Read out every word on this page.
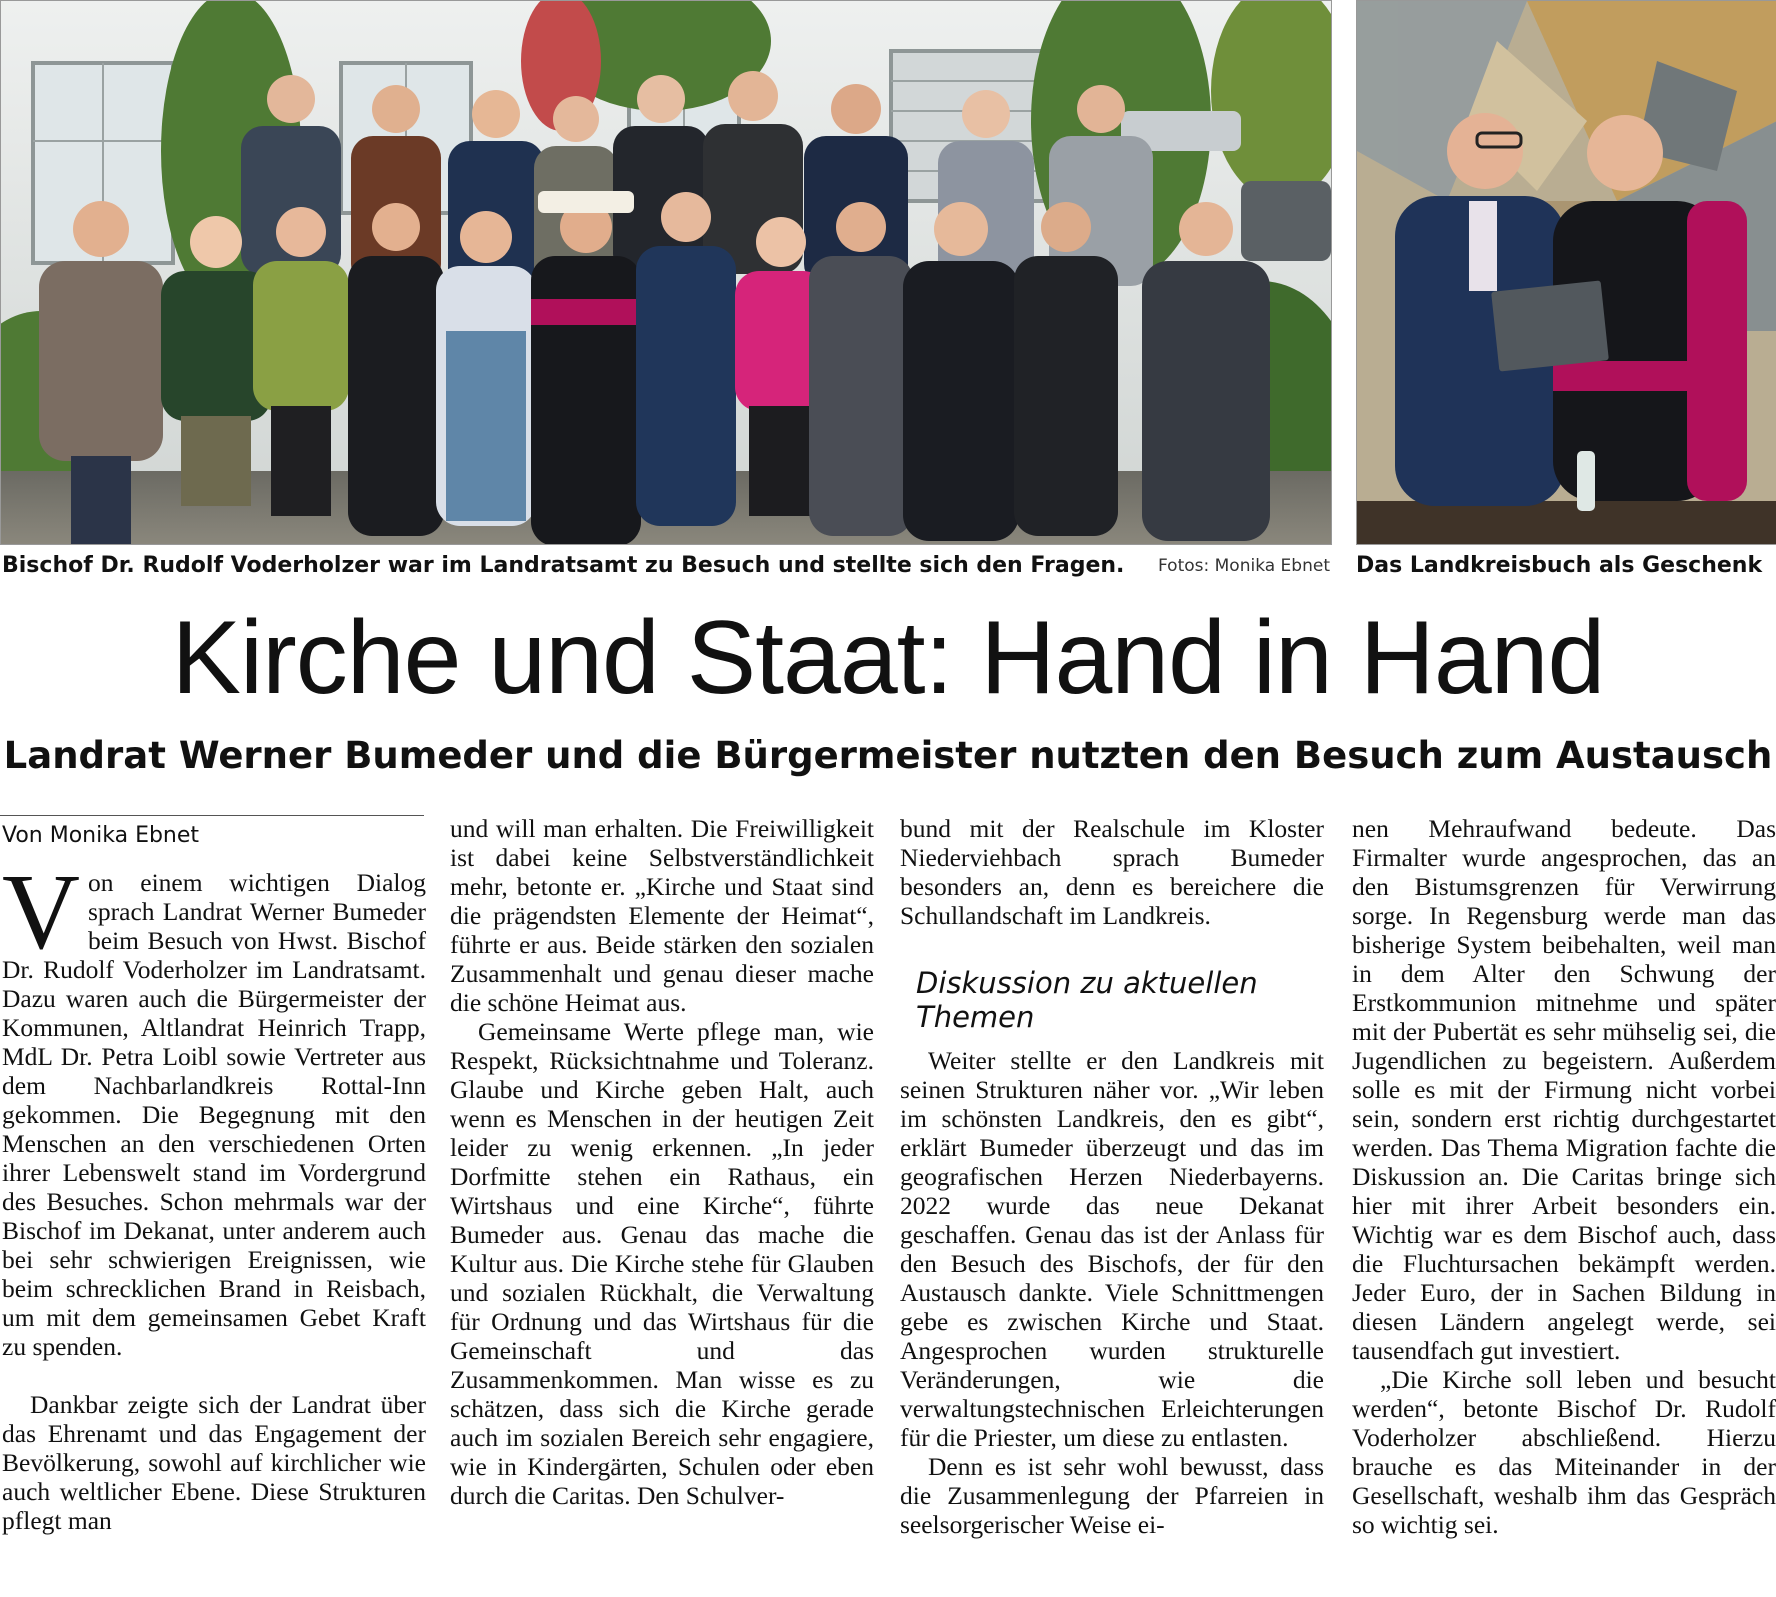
Bischof Dr. Rudolf Voderholzer war im Landratsamt zu Besuch und stellte sich den Fragen. Fotos: Monika Ebnet Das Landkreisbuch als Geschenk
Kirche und Staat: Hand in Hand
Landrat Werner Bumeder und die Bürgermeister nutzten den Besuch zum Austausch
Von Monika Ebnet

Von einem wichtigen Dialog sprach Landrat Werner Bumeder beim Besuch von Hwst. Bischof Dr. Rudolf Voderholzer im Landratsamt. Dazu waren auch die Bürgermeister der Kommunen, Altlandrat Heinrich Trapp, MdL Dr. Petra Loibl sowie Vertreter aus dem Nachbarlandkreis Rottal-Inn gekommen. Die Begegnung mit den Menschen an den verschiedenen Orten ihrer Lebenswelt stand im Vordergrund des Besuches. Schon mehrmals war der Bischof im Dekanat, unter anderem auch bei sehr schwierigen Ereignissen, wie beim schrecklichen Brand in Reisbach, um mit dem gemeinsamen Gebet Kraft zu spenden.

Dankbar zeigte sich der Landrat über das Ehrenamt und das Engagement der Bevölkerung, sowohl auf kirchlicher wie auch weltlicher Ebene. Diese Strukturen pflegt man

und will man erhalten. Die Freiwilligkeit ist dabei keine Selbstverständlichkeit mehr, betonte er. „Kirche und Staat sind die prägendsten Elemente der Heimat“, führte er aus. Beide stärken den sozialen Zusammenhalt und genau dieser mache die schöne Heimat aus.

Gemeinsame Werte pflege man, wie Respekt, Rücksichtnahme und Toleranz. Glaube und Kirche geben Halt, auch wenn es Menschen in der heutigen Zeit leider zu wenig erkennen. „In jeder Dorfmitte stehen ein Rathaus, ein Wirtshaus und eine Kirche“, führte Bumeder aus. Genau das mache die Kultur aus. Die Kirche stehe für Glauben und sozialen Rückhalt, die Verwaltung für Ordnung und das Wirtshaus für die Gemeinschaft und das Zusammenkommen. Man wisse es zu schätzen, dass sich die Kirche gerade auch im sozialen Bereich sehr engagiere, wie in Kindergärten, Schulen oder eben durch die Caritas. Den Schulver-

bund mit der Realschule im Kloster Niederviehbach sprach Bumeder besonders an, denn es bereichere die Schullandschaft im Landkreis.

Diskussion zu aktuellen Themen

Weiter stellte er den Landkreis mit seinen Strukturen näher vor. „Wir leben im schönsten Landkreis, den es gibt“, erklärt Bumeder überzeugt und das im geografischen Herzen Niederbayerns. 2022 wurde das neue Dekanat geschaffen. Genau das ist der Anlass für den Besuch des Bischofs, der für den Austausch dankte. Viele Schnittmengen gebe es zwischen Kirche und Staat. Angesprochen wurden strukturelle Veränderungen, wie die verwaltungstechnischen Erleichterungen für die Priester, um diese zu entlasten.

Denn es ist sehr wohl bewusst, dass die Zusammenlegung der Pfarreien in seelsorgerischer Weise ei-

nen Mehraufwand bedeute. Das Firmalter wurde angesprochen, das an den Bistumsgrenzen für Verwirrung sorge. In Regensburg werde man das bisherige System beibehalten, weil man in dem Alter den Schwung der Erstkommunion mitnehme und später mit der Pubertät es sehr mühselig sei, die Jugendlichen zu begeistern. Außerdem solle es mit der Firmung nicht vorbei sein, sondern erst richtig durchgestartet werden. Das Thema Migration fachte die Diskussion an. Die Caritas bringe sich hier mit ihrer Arbeit besonders ein. Wichtig war es dem Bischof auch, dass die Fluchtursachen bekämpft werden. Jeder Euro, der in Sachen Bildung in diesen Ländern angelegt werde, sei tausendfach gut investiert.

„Die Kirche soll leben und besucht werden“, betonte Bischof Dr. Rudolf Voderholzer abschließend. Hierzu brauche es das Miteinander in der Gesellschaft, weshalb ihm das Gespräch so wichtig sei.
